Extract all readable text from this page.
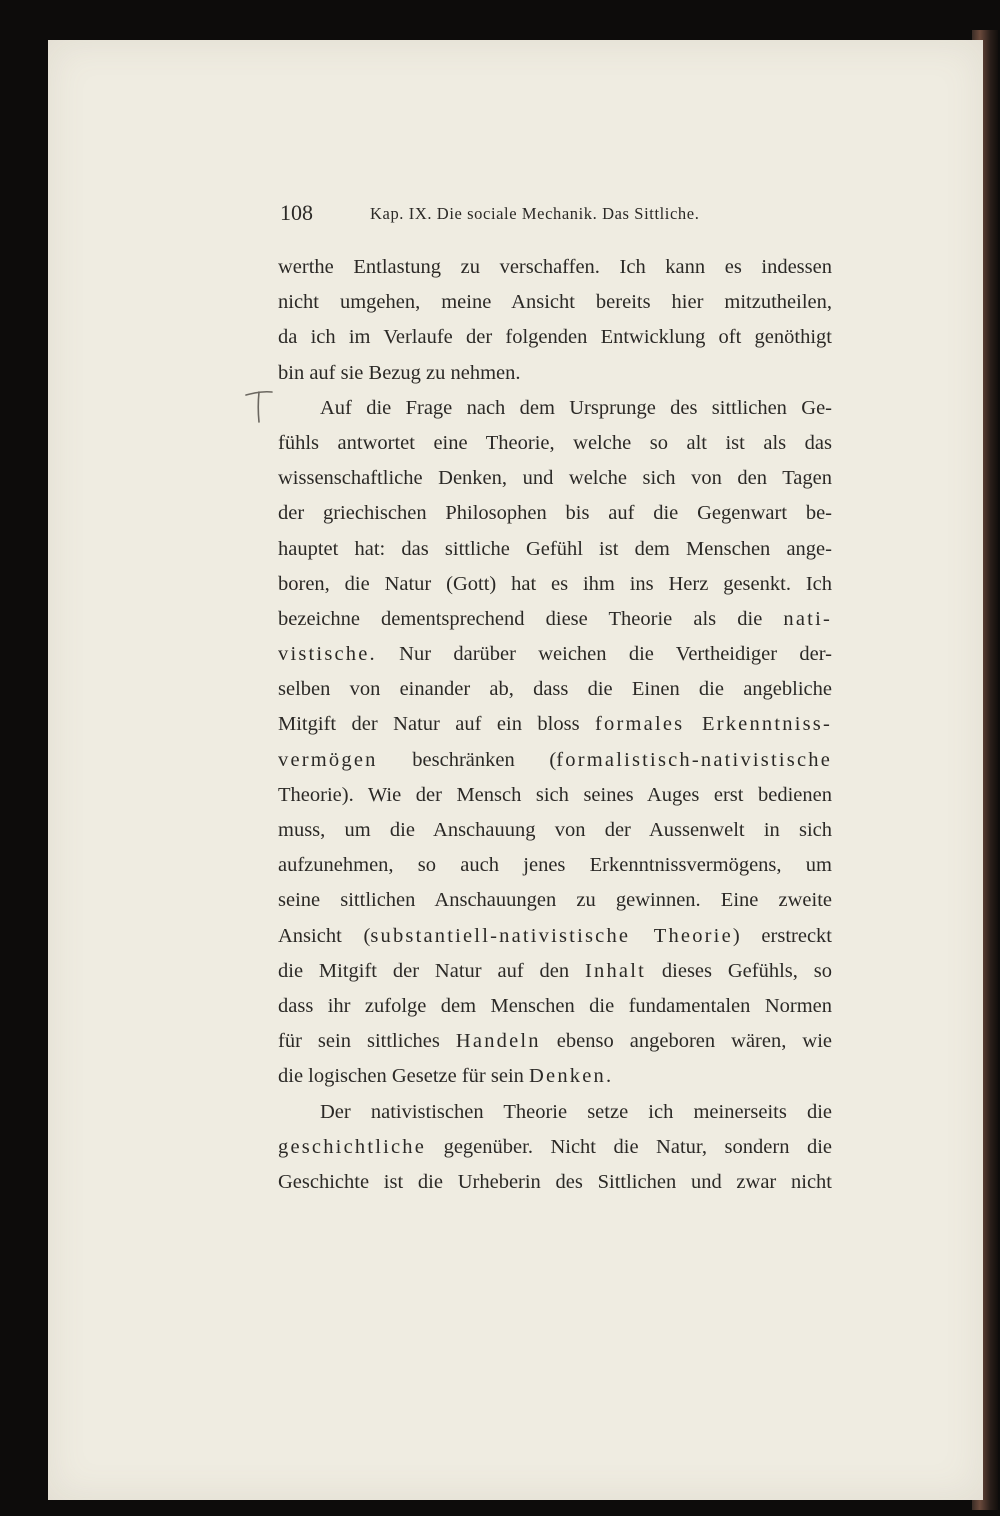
108	Kap. IX. Die sociale Mechanik. Das Sittliche.
werthe Entlastung zu verschaffen. Ich kann es indessen
nicht umgehen, meine Ansicht bereits hier mitzutheilen,
da ich im Verlaufe der folgenden Entwicklung oft genöthigt
bin auf sie Bezug zu nehmen.
Auf die Frage nach dem Ursprunge des sittlichen Ge-
fühls antwortet eine Theorie, welche so alt ist als das
wissenschaftliche Denken, und welche sich von den Tagen
der griechischen Philosophen bis auf die Gegenwart be-
hauptet hat: das sittliche Gefühl ist dem Menschen ange-
boren, die Natur (Gott) hat es ihm ins Herz gesenkt. Ich
bezeichne dementsprechend diese Theorie als die nati-
vistische. Nur darüber weichen die Vertheidiger der-
selben von einander ab, dass die Einen die angebliche
Mitgift der Natur auf ein bloss formales Erkenntniss-
vermögen beschränken (formalistisch-nativistische
Theorie). Wie der Mensch sich seines Auges erst bedienen
muss, um die Anschauung von der Aussenwelt in sich
aufzunehmen, so auch jenes Erkenntnissvermögens, um
seine sittlichen Anschauungen zu gewinnen. Eine zweite
Ansicht (substantiell-nativistische Theorie) erstreckt
die Mitgift der Natur auf den Inhalt dieses Gefühls, so
dass ihr zufolge dem Menschen die fundamentalen Normen
für sein sittliches Handeln ebenso angeboren wären, wie
die logischen Gesetze für sein Denken.
Der nativistischen Theorie setze ich meinerseits die
geschichtliche gegenüber. Nicht die Natur, sondern die
Geschichte ist die Urheberin des Sittlichen und zwar nicht
